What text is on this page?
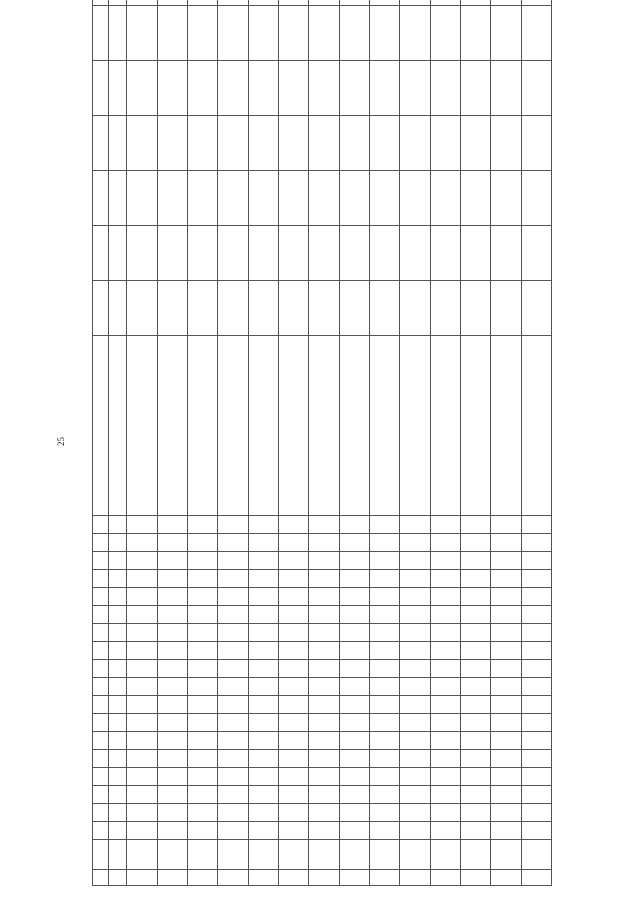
25
